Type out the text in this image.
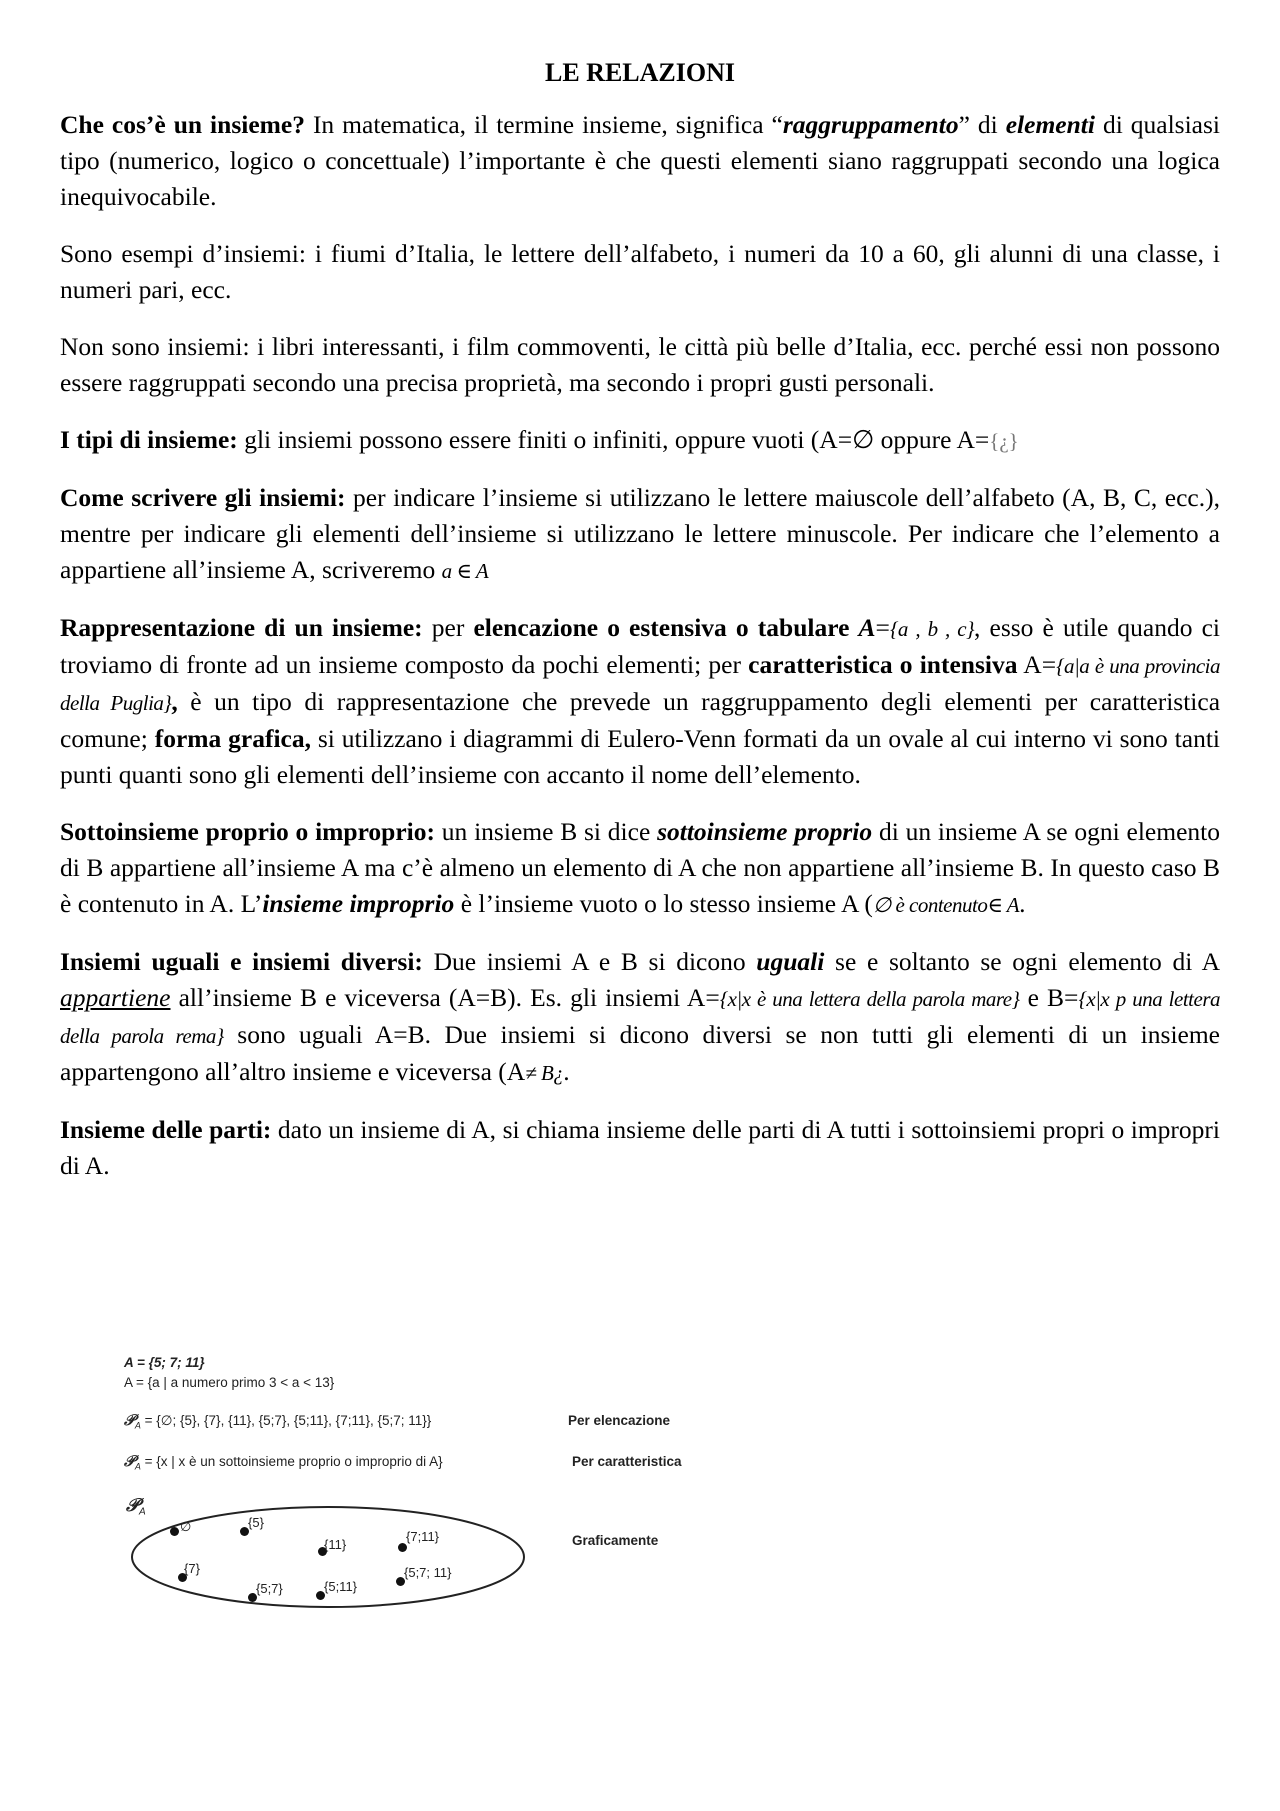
LE RELAZIONI

Che cos’è un insieme? In matematica, il termine insieme, significa “raggruppamento” di elementi di qualsiasi tipo (numerico, logico o concettuale) l’importante è che questi elementi siano raggruppati secondo una logica inequivocabile.

Sono esempi d’insiemi: i fiumi d’Italia, le lettere dell’alfabeto, i numeri da 10 a 60, gli alunni di una classe, i numeri pari, ecc.

Non sono insiemi: i libri interessanti, i film commoventi, le città più belle d’Italia, ecc. perché essi non possono essere raggruppati secondo una precisa proprietà, ma secondo i propri gusti personali.

I tipi di insieme: gli insiemi possono essere finiti o infiniti, oppure vuoti (A=∅ oppure A={¿}

Come scrivere gli insiemi: per indicare l’insieme si utilizzano le lettere maiuscole dell’alfabeto (A, B, C, ecc.), mentre per indicare gli elementi dell’insieme si utilizzano le lettere minuscole. Per indicare che l’elemento a appartiene all’insieme A, scriveremo a ∈ A

Rappresentazione di un insieme: per elencazione o estensiva o tabulare A={a , b , c}, esso è utile quando ci troviamo di fronte ad un insieme composto da pochi elementi; per caratteristica o intensiva A={a|a è una provincia della Puglia}, è un tipo di rappresentazione che prevede un raggruppamento degli elementi per caratteristica comune; forma grafica, si utilizzano i diagrammi di Eulero-Venn formati da un ovale al cui interno vi sono tanti punti quanti sono gli elementi dell’insieme con accanto il nome dell’elemento.

Sottoinsieme proprio o improprio: un insieme B si dice sottoinsieme proprio di un insieme A se ogni elemento di B appartiene all’insieme A ma c’è almeno un elemento di A che non appartiene all’insieme B. In questo caso B è contenuto in A. L’insieme improprio è l’insieme vuoto o lo stesso insieme A (∅ è contenuto∈ A.

Insiemi uguali e insiemi diversi: Due insiemi A e B si dicono uguali se e soltanto se ogni elemento di A appartiene all’insieme B e viceversa (A=B). Es. gli insiemi A={x|x è una lettera della parola mare} e B={x|x p una lettera della parola rema} sono uguali A=B. Due insiemi si dicono diversi se non tutti gli elementi di un insieme appartengono all’altro insieme e viceversa (A≠ B¿.

Insieme delle parti: dato un insieme di A, si chiama insieme delle parti di A tutti i sottoinsiemi propri o impropri di A.

A = {5; 7; 11}
A = {a | a numero primo 3 < a < 13}
𝒫$_A$ = {∅; {5}, {7}, {11}, {5;7}, {5;11}, {7;11}, {5;7; 11}}	Per elencazione
𝒫$_A$ = {x | x è un sottoinsieme proprio o improprio di A}	Per caratteristica
Graficamente
𝒫$_A$
∅	{5}
{11}
{7;11}
{7}
{5;7}	{5;11}
{5;7; 11}
